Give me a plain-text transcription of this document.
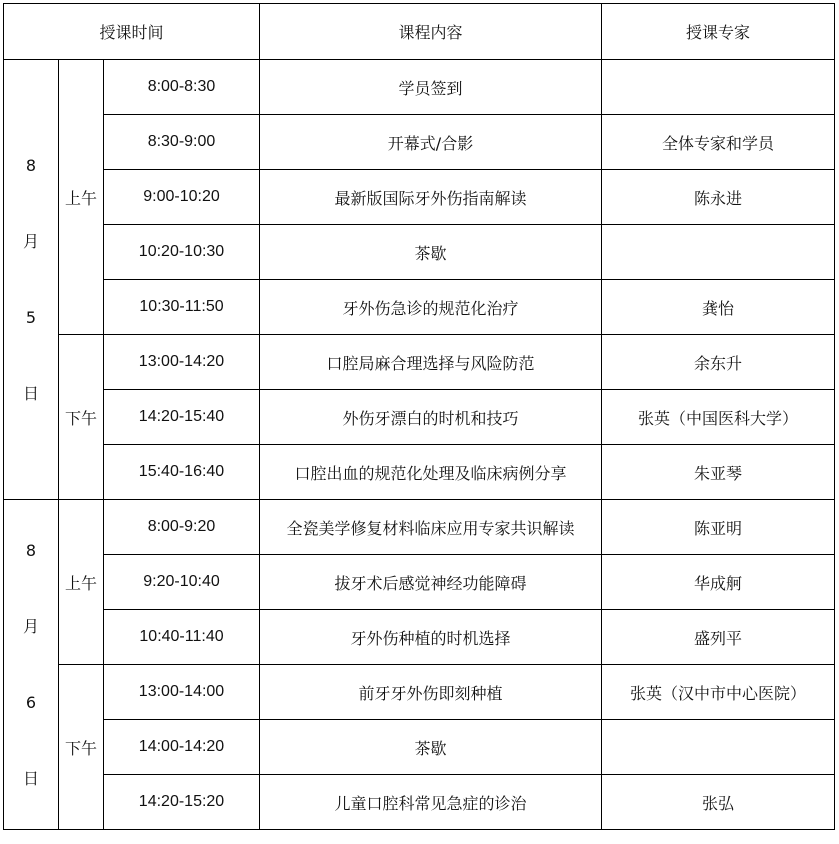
授课时间			课程内容	授课专家

8
月
5
日	上午	8:00-8:30	学员签到	
		8:30-9:00	开幕式/合影	全体专家和学员
		9:00-10:20	最新版国际牙外伤指南解读	陈永进
		10:20-10:30	茶歇	
		10:30-11:50	牙外伤急诊的规范化治疗	龚怡
	下午	13:00-14:20	口腔局麻合理选择与风险防范	余东升
		14:20-15:40	外伤牙漂白的时机和技巧	张英（中国医科大学）
		15:40-16:40	口腔出血的规范化处理及临床病例分享	朱亚琴

8
月
6
日	上午	8:00-9:20	全瓷美学修复材料临床应用专家共识解读	陈亚明
		9:20-10:40	拔牙术后感觉神经功能障碍	华成舸
		10:40-11:40	牙外伤种植的时机选择	盛列平
	下午	13:00-14:00	前牙牙外伤即刻种植	张英（汉中市中心医院）
		14:00-14:20	茶歇	
		14:20-15:20	儿童口腔科常见急症的诊治	张弘
